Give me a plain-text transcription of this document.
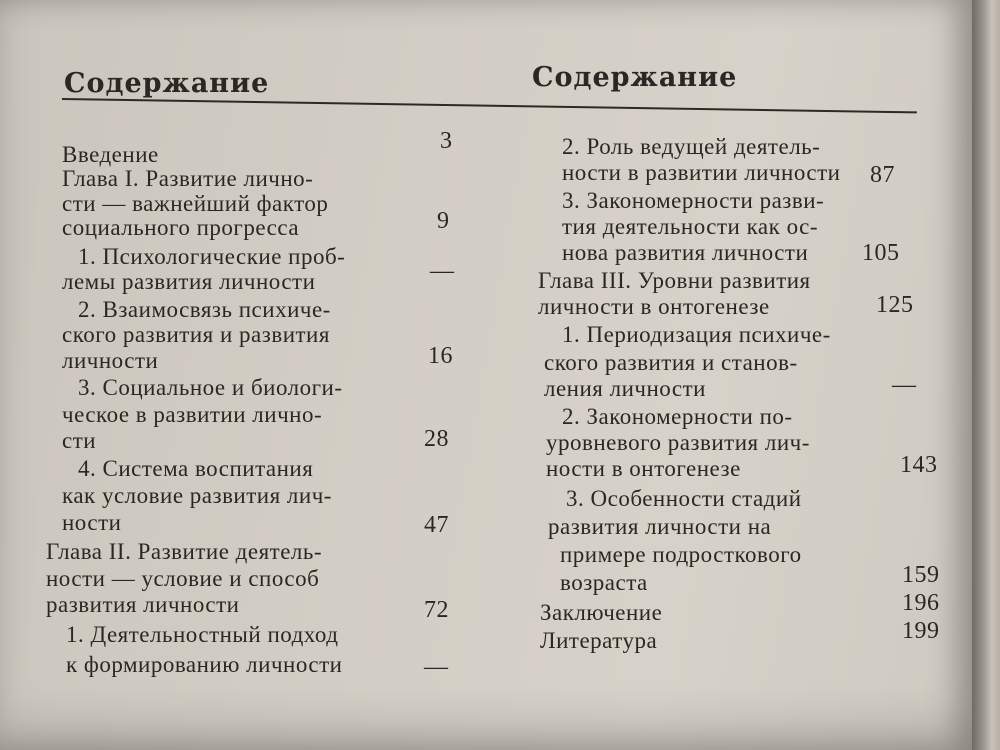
Содержание	Содержание
Введение
Глава I. Развитие лично-
сти — важнейший фактор
социального прогресса
1. Психологические проб-
лемы развития личности
2. Взаимосвязь психиче-
ского развития и развития
личности
3. Социальное и биологи-
ческое в развитии лично-
сти
4. Система воспитания
как условие развития лич-
ности
Глава II. Развитие деятель-
ности — условие и способ
развития личности
1. Деятельностный подход
к формированию личности
3
9
—
16
28
47
72
—
2. Роль ведущей деятель-
ности в развитии личности
3. Закономерности разви-
тия деятельности как ос-
нова развития личности
Глава III. Уровни развития
личности в онтогенезе
1. Периодизация психиче-
ского развития и станов-
ления личности
2. Закономерности по-
уровневого развития лич-
ности в онтогенезе
3. Особенности стадий
развития личности на
примере подросткового
возраста
Заключение
Литература
87
105
125
—
143
159
196
199
